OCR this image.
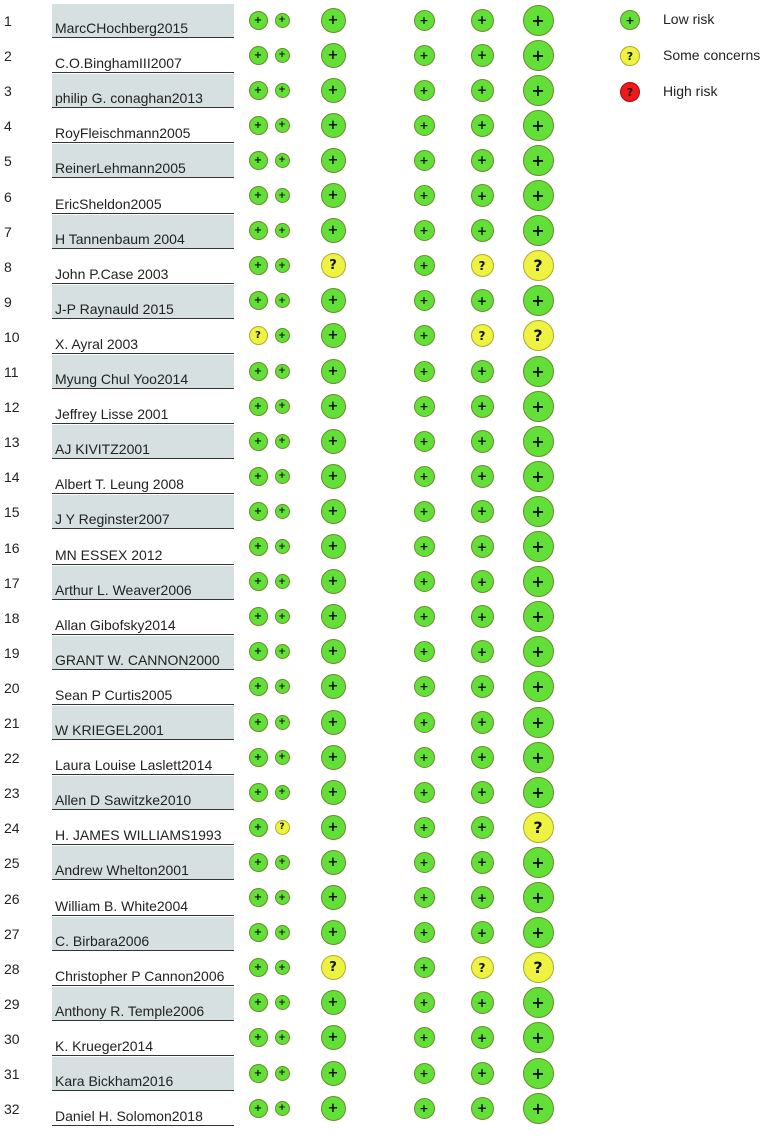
1	MarcCHochberg2015	+	+	+	+	+	+
2	C.O.BinghamIII2007	+	+	+	+	+	+
3	philip G. conaghan2013	+	+	+	+	+	+
4	RoyFleischmann2005	+	+	+	+	+	+
5	ReinerLehmann2005	+	+	+	+	+	+
6	EricSheldon2005	+	+	+	+	+	+
7	H Tannenbaum 2004	+	+	+	+	+	+
8	John P.Case 2003	+	+	?	+	?	?
9	J-P Raynauld 2015	+	+	+	+	+	+
10	X. Ayral 2003	?	+	+	+	?	?
11	Myung Chul Yoo2014	+	+	+	+	+	+
12	Jeffrey Lisse 2001	+	+	+	+	+	+
13	AJ KIVITZ2001	+	+	+	+	+	+
14	Albert T. Leung 2008	+	+	+	+	+	+
15	J Y Reginster2007	+	+	+	+	+	+
16	MN ESSEX 2012	+	+	+	+	+	+
17	Arthur L. Weaver2006	+	+	+	+	+	+
18	Allan Gibofsky2014	+	+	+	+	+	+
19	GRANT W. CANNON2000	+	+	+	+	+	+
20	Sean P Curtis2005	+	+	+	+	+	+
21	W KRIEGEL2001	+	+	+	+	+	+
22	Laura Louise Laslett2014	+	+	+	+	+	+
23	Allen D Sawitzke2010	+	+	+	+	+	+
24	H. JAMES WILLIAMS1993	+	?	+	+	+	?
25	Andrew Whelton2001	+	+	+	+	+	+
26	William B. White2004	+	+	+	+	+	+
27	C. Birbara2006	+	+	+	+	+	+
28	Christopher P Cannon2006	+	+	?	+	?	?
29	Anthony R. Temple2006	+	+	+	+	+	+
30	K. Krueger2014	+	+	+	+	+	+
31	Kara Bickham2016	+	+	+	+	+	+
32	Daniel H. Solomon2018	+	+	+	+	+	+
+	Low risk
?	Some concerns
?	High risk
